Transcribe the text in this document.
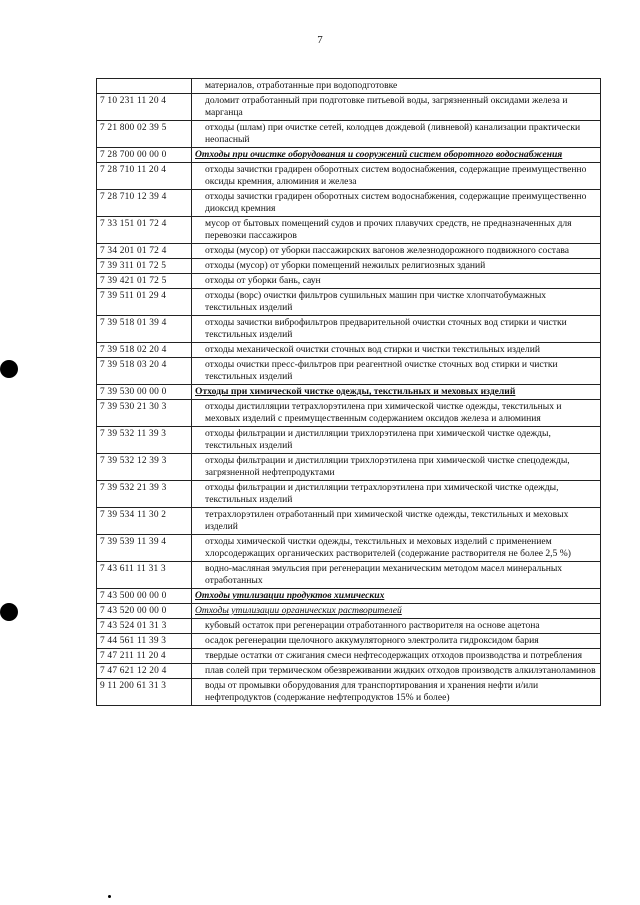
7

	материалов, отработанные при водоподготовке

7 10 231 11 20 4	доломит отработанный при подготовке питьевой воды, загрязненный оксидами железа и марганца

7 21 800 02 39 5	отходы (шлам) при очистке сетей, колодцев дождевой (ливневой) канализации практически неопасный

7 28 700 00 00 0	Отходы при очистке оборудования и сооружений систем оборотного водоснабжения

7 28 710 11 20 4	отходы зачистки градирен оборотных систем водоснабжения, содержащие преимущественно оксиды кремния, алюминия и железа

7 28 710 12 39 4	отходы зачистки градирен оборотных систем водоснабжения, содержащие преимущественно диоксид кремния

7 33 151 01 72 4	мусор от бытовых помещений судов и прочих плавучих средств, не предназначенных для перевозки пассажиров

7 34 201 01 72 4	отходы (мусор) от уборки пассажирских вагонов железнодорожного подвижного состава

7 39 311 01 72 5	отходы (мусор) от уборки помещений нежилых религиозных зданий

7 39 421 01 72 5	отходы от уборки бань, саун

7 39 511 01 29 4	отходы (ворс) очистки фильтров сушильных машин при чистке хлопчатобумажных текстильных изделий

7 39 518 01 39 4	отходы зачистки виброфильтров предварительной очистки сточных вод стирки и чистки текстильных изделий

7 39 518 02 20 4	отходы механической очистки сточных вод стирки и чистки текстильных изделий

7 39 518 03 20 4	отходы очистки пресс-фильтров при реагентной очистке сточных вод стирки и чистки текстильных изделий

7 39 530 00 00 0	Отходы при химической чистке одежды, текстильных и меховых изделий

7 39 530 21 30 3	отходы дистилляции тетрахлорэтилена при химической чистке одежды, текстильных и меховых изделий с преимущественным содержанием оксидов железа и алюминия

7 39 532 11 39 3	отходы фильтрации и дистилляции трихлорэтилена при химической чистке одежды, текстильных изделий

7 39 532 12 39 3	отходы фильтрации и дистилляции трихлорэтилена при химической чистке спецодежды, загрязненной нефтепродуктами

7 39 532 21 39 3	отходы фильтрации и дистилляции тетрахлорэтилена при химической чистке одежды, текстильных изделий

7 39 534 11 30 2	тетрахлорэтилен отработанный при химической чистке одежды, текстильных и меховых изделий

7 39 539 11 39 4	отходы химической чистки одежды, текстильных и меховых изделий с применением хлорсодержащих органических растворителей (содержание растворителя не более 2,5 %)

7 43 611 11 31 3	водно-масляная эмульсия при регенерации механическим методом масел минеральных отработанных

7 43 500 00 00 0	Отходы утилизации продуктов химических

7 43 520 00 00 0	Отходы утилизации органических растворителей

7 43 524 01 31 3	кубовый остаток при регенерации отработанного растворителя на основе ацетона

7 44 561 11 39 3	осадок регенерации щелочного аккумуляторного электролита гидроксидом бария

7 47 211 11 20 4	твердые остатки от сжигания смеси нефтесодержащих отходов производства и потребления

7 47 621 12 20 4	плав солей при термическом обезвреживании жидких отходов производств алкилэтаноламинов

9 11 200 61 31 3	воды от промывки оборудования для транспортирования и хранения нефти и/или нефтепродуктов (содержание нефтепродуктов 15% и более)
